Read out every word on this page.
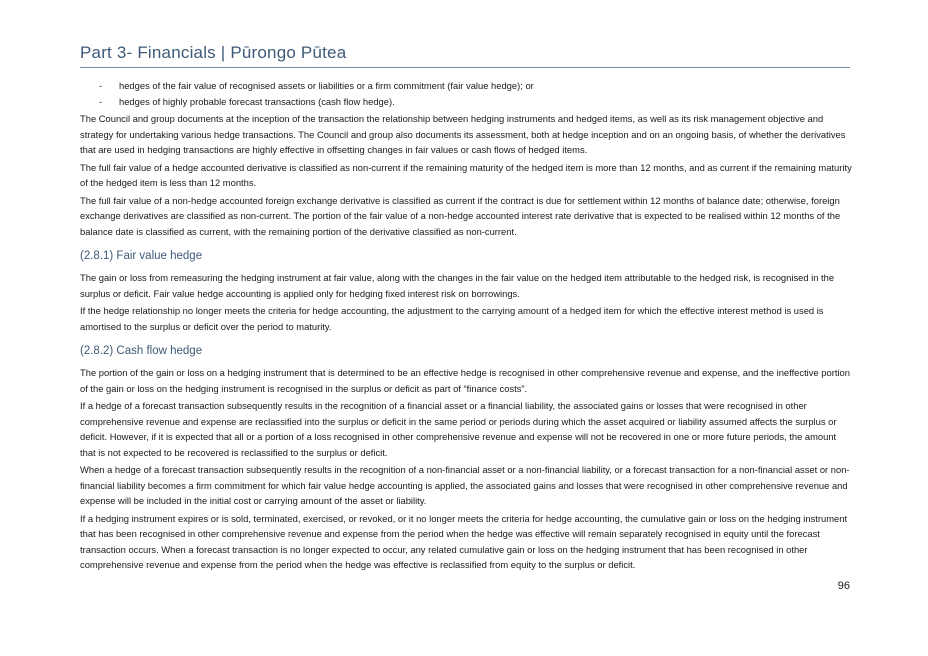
Part 3- Financials | Pūrongo Pūtea
-	hedges of the fair value of recognised assets or liabilities or a firm commitment (fair value hedge); or
-	hedges of highly probable forecast transactions (cash flow hedge).

The Council and group documents at the inception of the transaction the relationship between hedging instruments and hedged items, as well as its risk management objective and strategy for undertaking various hedge transactions. The Council and group also documents its assessment, both at hedge inception and on an ongoing basis, of whether the derivatives that are used in hedging transactions are highly effective in offsetting changes in fair values or cash flows of hedged items.

The full fair value of a hedge accounted derivative is classified as non-current if the remaining maturity of the hedged item is more than 12 months, and as current if the remaining maturity of the hedged item is less than 12 months.

The full fair value of a non-hedge accounted foreign exchange derivative is classified as current if the contract is due for settlement within 12 months of balance date; otherwise, foreign exchange derivatives are classified as non-current. The portion of the fair value of a non-hedge accounted interest rate derivative that is expected to be realised within 12 months of the balance date is classified as current, with the remaining portion of the derivative classified as non-current.

(2.8.1) Fair value hedge

The gain or loss from remeasuring the hedging instrument at fair value, along with the changes in the fair value on the hedged item attributable to the hedged risk, is recognised in the surplus or deficit. Fair value hedge accounting is applied only for hedging fixed interest risk on borrowings.

If the hedge relationship no longer meets the criteria for hedge accounting, the adjustment to the carrying amount of a hedged item for which the effective interest method is used is amortised to the surplus or deficit over the period to maturity.

(2.8.2) Cash flow hedge

The portion of the gain or loss on a hedging instrument that is determined to be an effective hedge is recognised in other comprehensive revenue and expense, and the ineffective portion of the gain or loss on the hedging instrument is recognised in the surplus or deficit as part of “finance costs”.

If a hedge of a forecast transaction subsequently results in the recognition of a financial asset or a financial liability, the associated gains or losses that were recognised in other comprehensive revenue and expense are reclassified into the surplus or deficit in the same period or periods during which the asset acquired or liability assumed affects the surplus or deficit. However, if it is expected that all or a portion of a loss recognised in other comprehensive revenue and expense will not be recovered in one or more future periods, the amount that is not expected to be recovered is reclassified to the surplus or deficit.

When a hedge of a forecast transaction subsequently results in the recognition of a non-financial asset or a non-financial liability, or a forecast transaction for a non-financial asset or non-financial liability becomes a firm commitment for which fair value hedge accounting is applied, the associated gains and losses that were recognised in other comprehensive revenue and expense will be included in the initial cost or carrying amount of the asset or liability.

If a hedging instrument expires or is sold, terminated, exercised, or revoked, or it no longer meets the criteria for hedge accounting, the cumulative gain or loss on the hedging instrument that has been recognised in other comprehensive revenue and expense from the period when the hedge was effective will remain separately recognised in equity until the forecast transaction occurs. When a forecast transaction is no longer expected to occur, any related cumulative gain or loss on the hedging instrument that has been recognised in other comprehensive revenue and expense from the period when the hedge was effective is reclassified from equity to the surplus or deficit.

96
